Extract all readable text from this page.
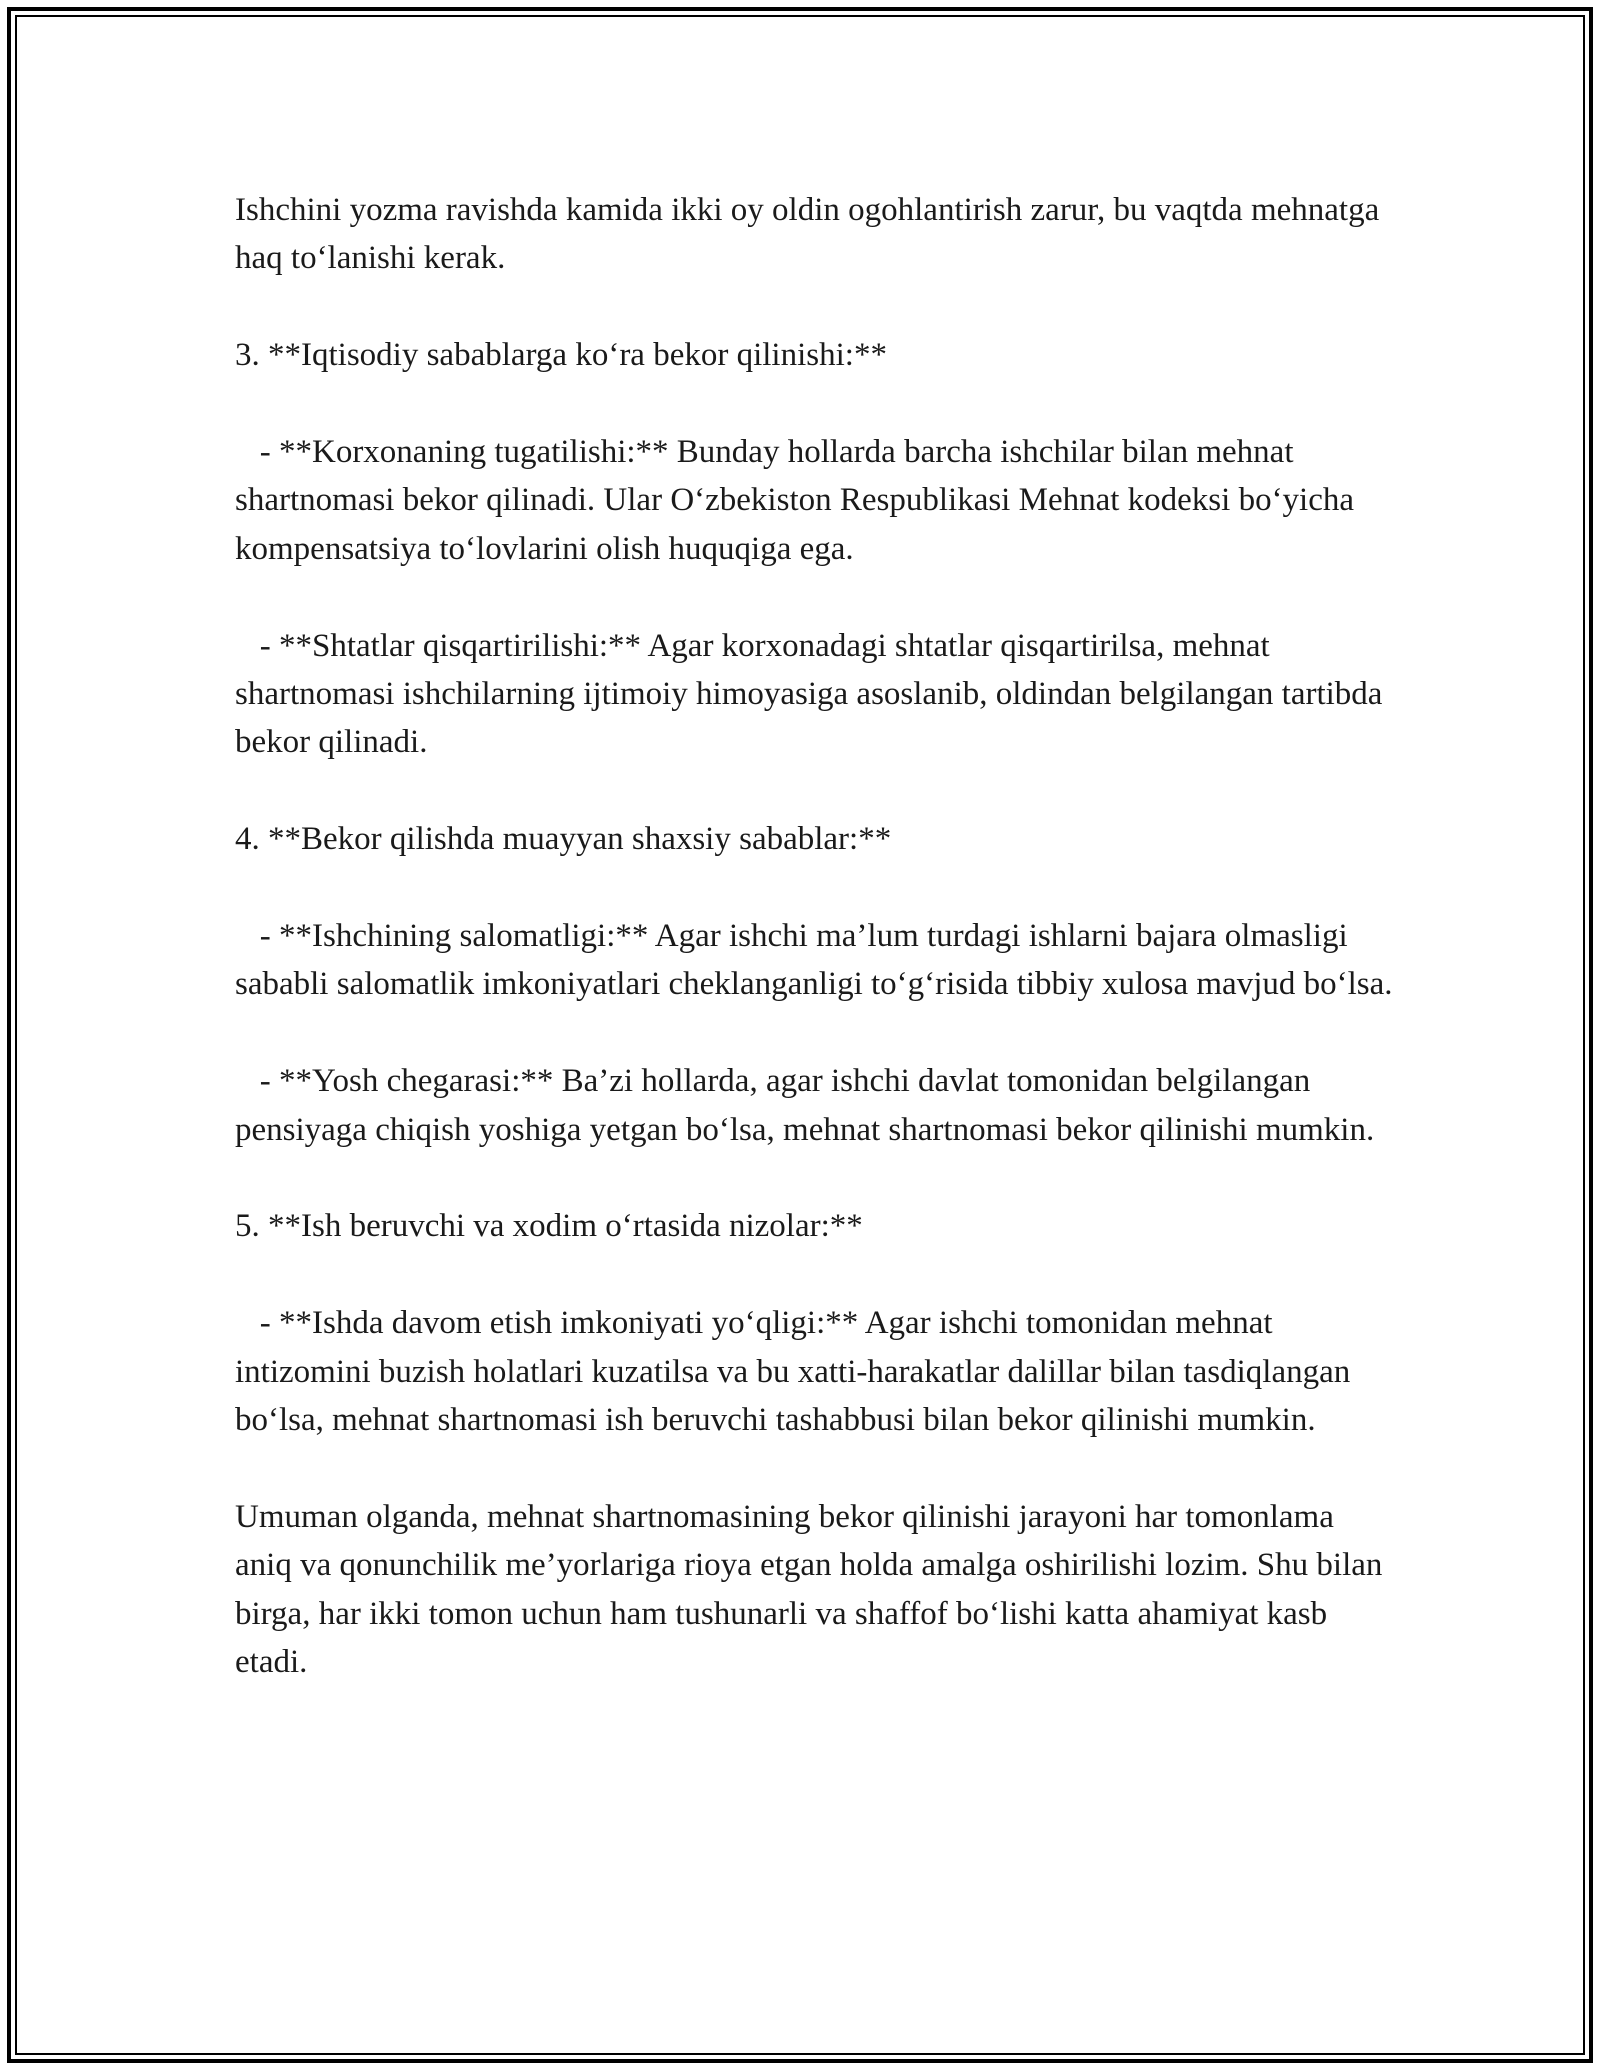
Ishchini yozma ravishda kamida ikki oy oldin ogohlantirish zarur, bu vaqtda mehnatga haq to‘lanishi kerak.

3. **Iqtisodiy sabablarga ko‘ra bekor qilinishi:**

- **Korxonaning tugatilishi:** Bunday hollarda barcha ishchilar bilan mehnat shartnomasi bekor qilinadi. Ular O‘zbekiston Respublikasi Mehnat kodeksi bo‘yicha kompensatsiya to‘lovlarini olish huquqiga ega.

- **Shtatlar qisqartirilishi:** Agar korxonadagi shtatlar qisqartirilsa, mehnat shartnomasi ishchilarning ijtimoiy himoyasiga asoslanib, oldindan belgilangan tartibda bekor qilinadi.

4. **Bekor qilishda muayyan shaxsiy sabablar:**

- **Ishchining salomatligi:** Agar ishchi ma’lum turdagi ishlarni bajara olmasligi sababli salomatlik imkoniyatlari cheklanganligi to‘g‘risida tibbiy xulosa mavjud bo‘lsa.

- **Yosh chegarasi:** Ba’zi hollarda, agar ishchi davlat tomonidan belgilangan pensiyaga chiqish yoshiga yetgan bo‘lsa, mehnat shartnomasi bekor qilinishi mumkin.

5. **Ish beruvchi va xodim o‘rtasida nizolar:**

- **Ishda davom etish imkoniyati yo‘qligi:** Agar ishchi tomonidan mehnat intizomini buzish holatlari kuzatilsa va bu xatti-harakatlar dalillar bilan tasdiqlangan bo‘lsa, mehnat shartnomasi ish beruvchi tashabbusi bilan bekor qilinishi mumkin.

Umuman olganda, mehnat shartnomasining bekor qilinishi jarayoni har tomonlama aniq va qonunchilik me’yorlariga rioya etgan holda amalga oshirilishi lozim. Shu bilan birga, har ikki tomon uchun ham tushunarli va shaffof bo‘lishi katta ahamiyat kasb etadi.
